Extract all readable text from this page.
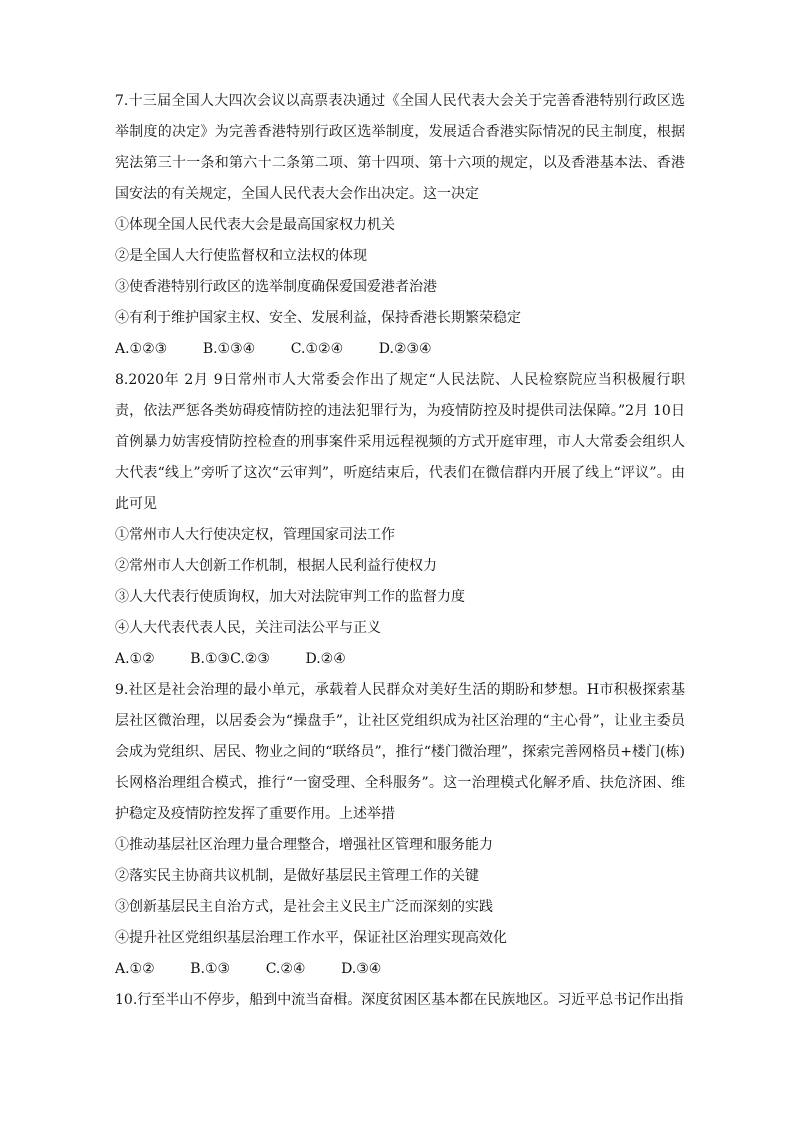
7.十三届全国人大四次会议以高票表决通过《全国人民代表大会关于完善香港特别行政区选举制度的决定》为完善香港特别行政区选举制度，发展适合香港实际情况的民主制度，根据宪法第三十一条和第六十二条第二项、第十四项、第十六项的规定，以及香港基本法、香港国安法的有关规定，全国人民代表大会作出决定。这一决定

①体现全国人民代表大会是最高国家权力机关

②是全国人大行使监督权和立法权的体现

③使香港特别行政区的选举制度确保爱国爱港者治港

④有利于维护国家主权、安全、发展利益，保持香港长期繁荣稳定

A.①②③        B.①③④        C.①②④        D.②③④

8.2020年 2月 9日常州市人大常委会作出了规定“人民法院、人民检察院应当积极履行职责，依法严惩各类妨碍疫情防控的违法犯罪行为，为疫情防控及时提供司法保障。”2月 10日首例暴力妨害疫情防控检查的刑事案件采用远程视频的方式开庭审理，市人大常委会组织人大代表“线上”旁听了这次“云审判”，听庭结束后，代表们在微信群内开展了线上“评议”。由此可见

①常州市人大行使决定权，管理国家司法工作

②常州市人大创新工作机制，根据人民利益行使权力

③人大代表行使质询权，加大对法院审判工作的监督力度

④人大代表代表人民，关注司法公平与正义

A.①②        B.①③C.②③        D.②④

9.社区是社会治理的最小单元，承载着人民群众对美好生活的期盼和梦想。H市积极探索基层社区微治理，以居委会为“操盘手”，让社区党组织成为社区治理的“主心骨”，让业主委员会成为党组织、居民、物业之间的“联络员”，推行“楼门微治理”，探索完善网格员+楼门(栋)长网格治理组合模式，推行“一窗受理、全科服务”。这一治理模式化解矛盾、扶危济困、维护稳定及疫情防控发挥了重要作用。上述举措

①推动基层社区治理力量合理整合，增强社区管理和服务能力

②落实民主协商共议机制，是做好基层民主管理工作的关键

③创新基层民主自治方式，是社会主义民主广泛而深刻的实践

④提升社区党组织基层治理工作水平，保证社区治理实现高效化

A.①②        B.①③        C.②④        D.③④

10.行至半山不停步，船到中流当奋楫。深度贫困区基本都在民族地区。习近平总书记作出指
